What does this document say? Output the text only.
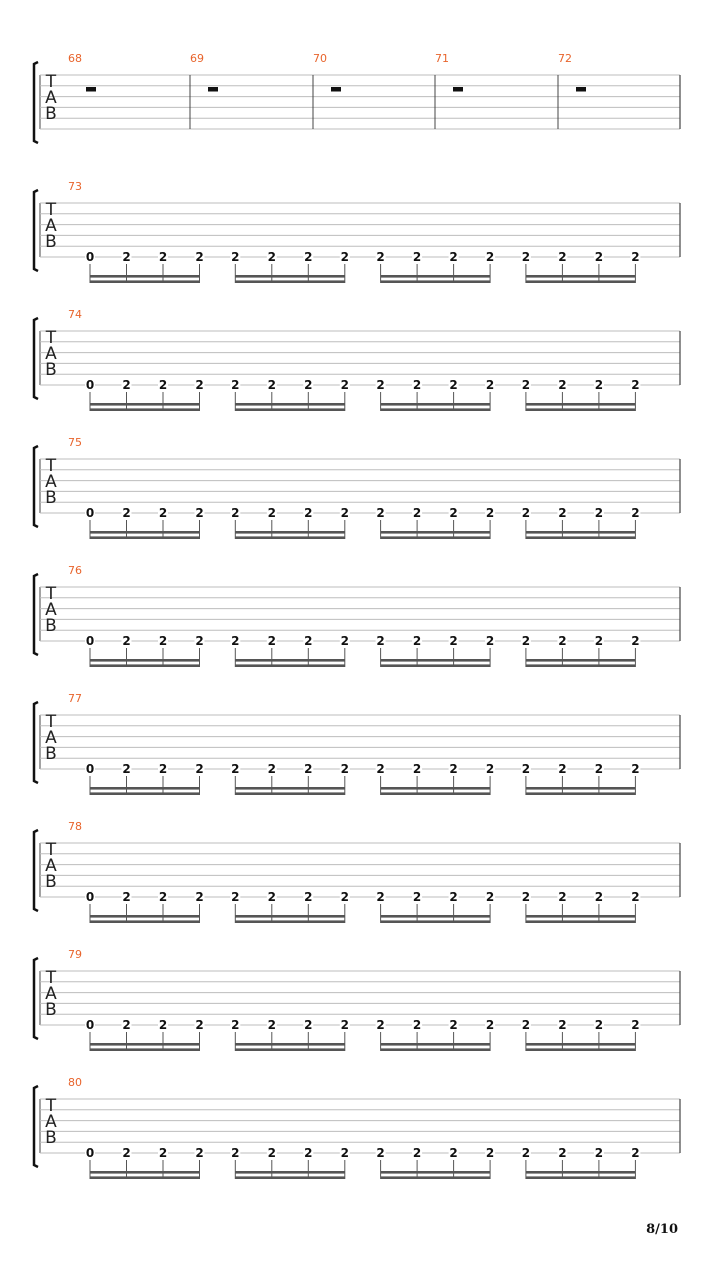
T
A
B
68	69	70	71	72
T
A
B
73
0 2 2 2 2 2 2 2 2 2 2 2 2 2 2 2
T
A
B
74
0 2 2 2 2 2 2 2 2 2 2 2 2 2 2 2
T
A
B
75
0 2 2 2 2 2 2 2 2 2 2 2 2 2 2 2
T
A
B
76
0 2 2 2 2 2 2 2 2 2 2 2 2 2 2 2
T
A
B
77
0 2 2 2 2 2 2 2 2 2 2 2 2 2 2 2
T
A
B
78
0 2 2 2 2 2 2 2 2 2 2 2 2 2 2 2
T
A
B
79
0 2 2 2 2 2 2 2 2 2 2 2 2 2 2 2
T
A
B
80
0 2 2 2 2 2 2 2 2 2 2 2 2 2 2 2
8/10
